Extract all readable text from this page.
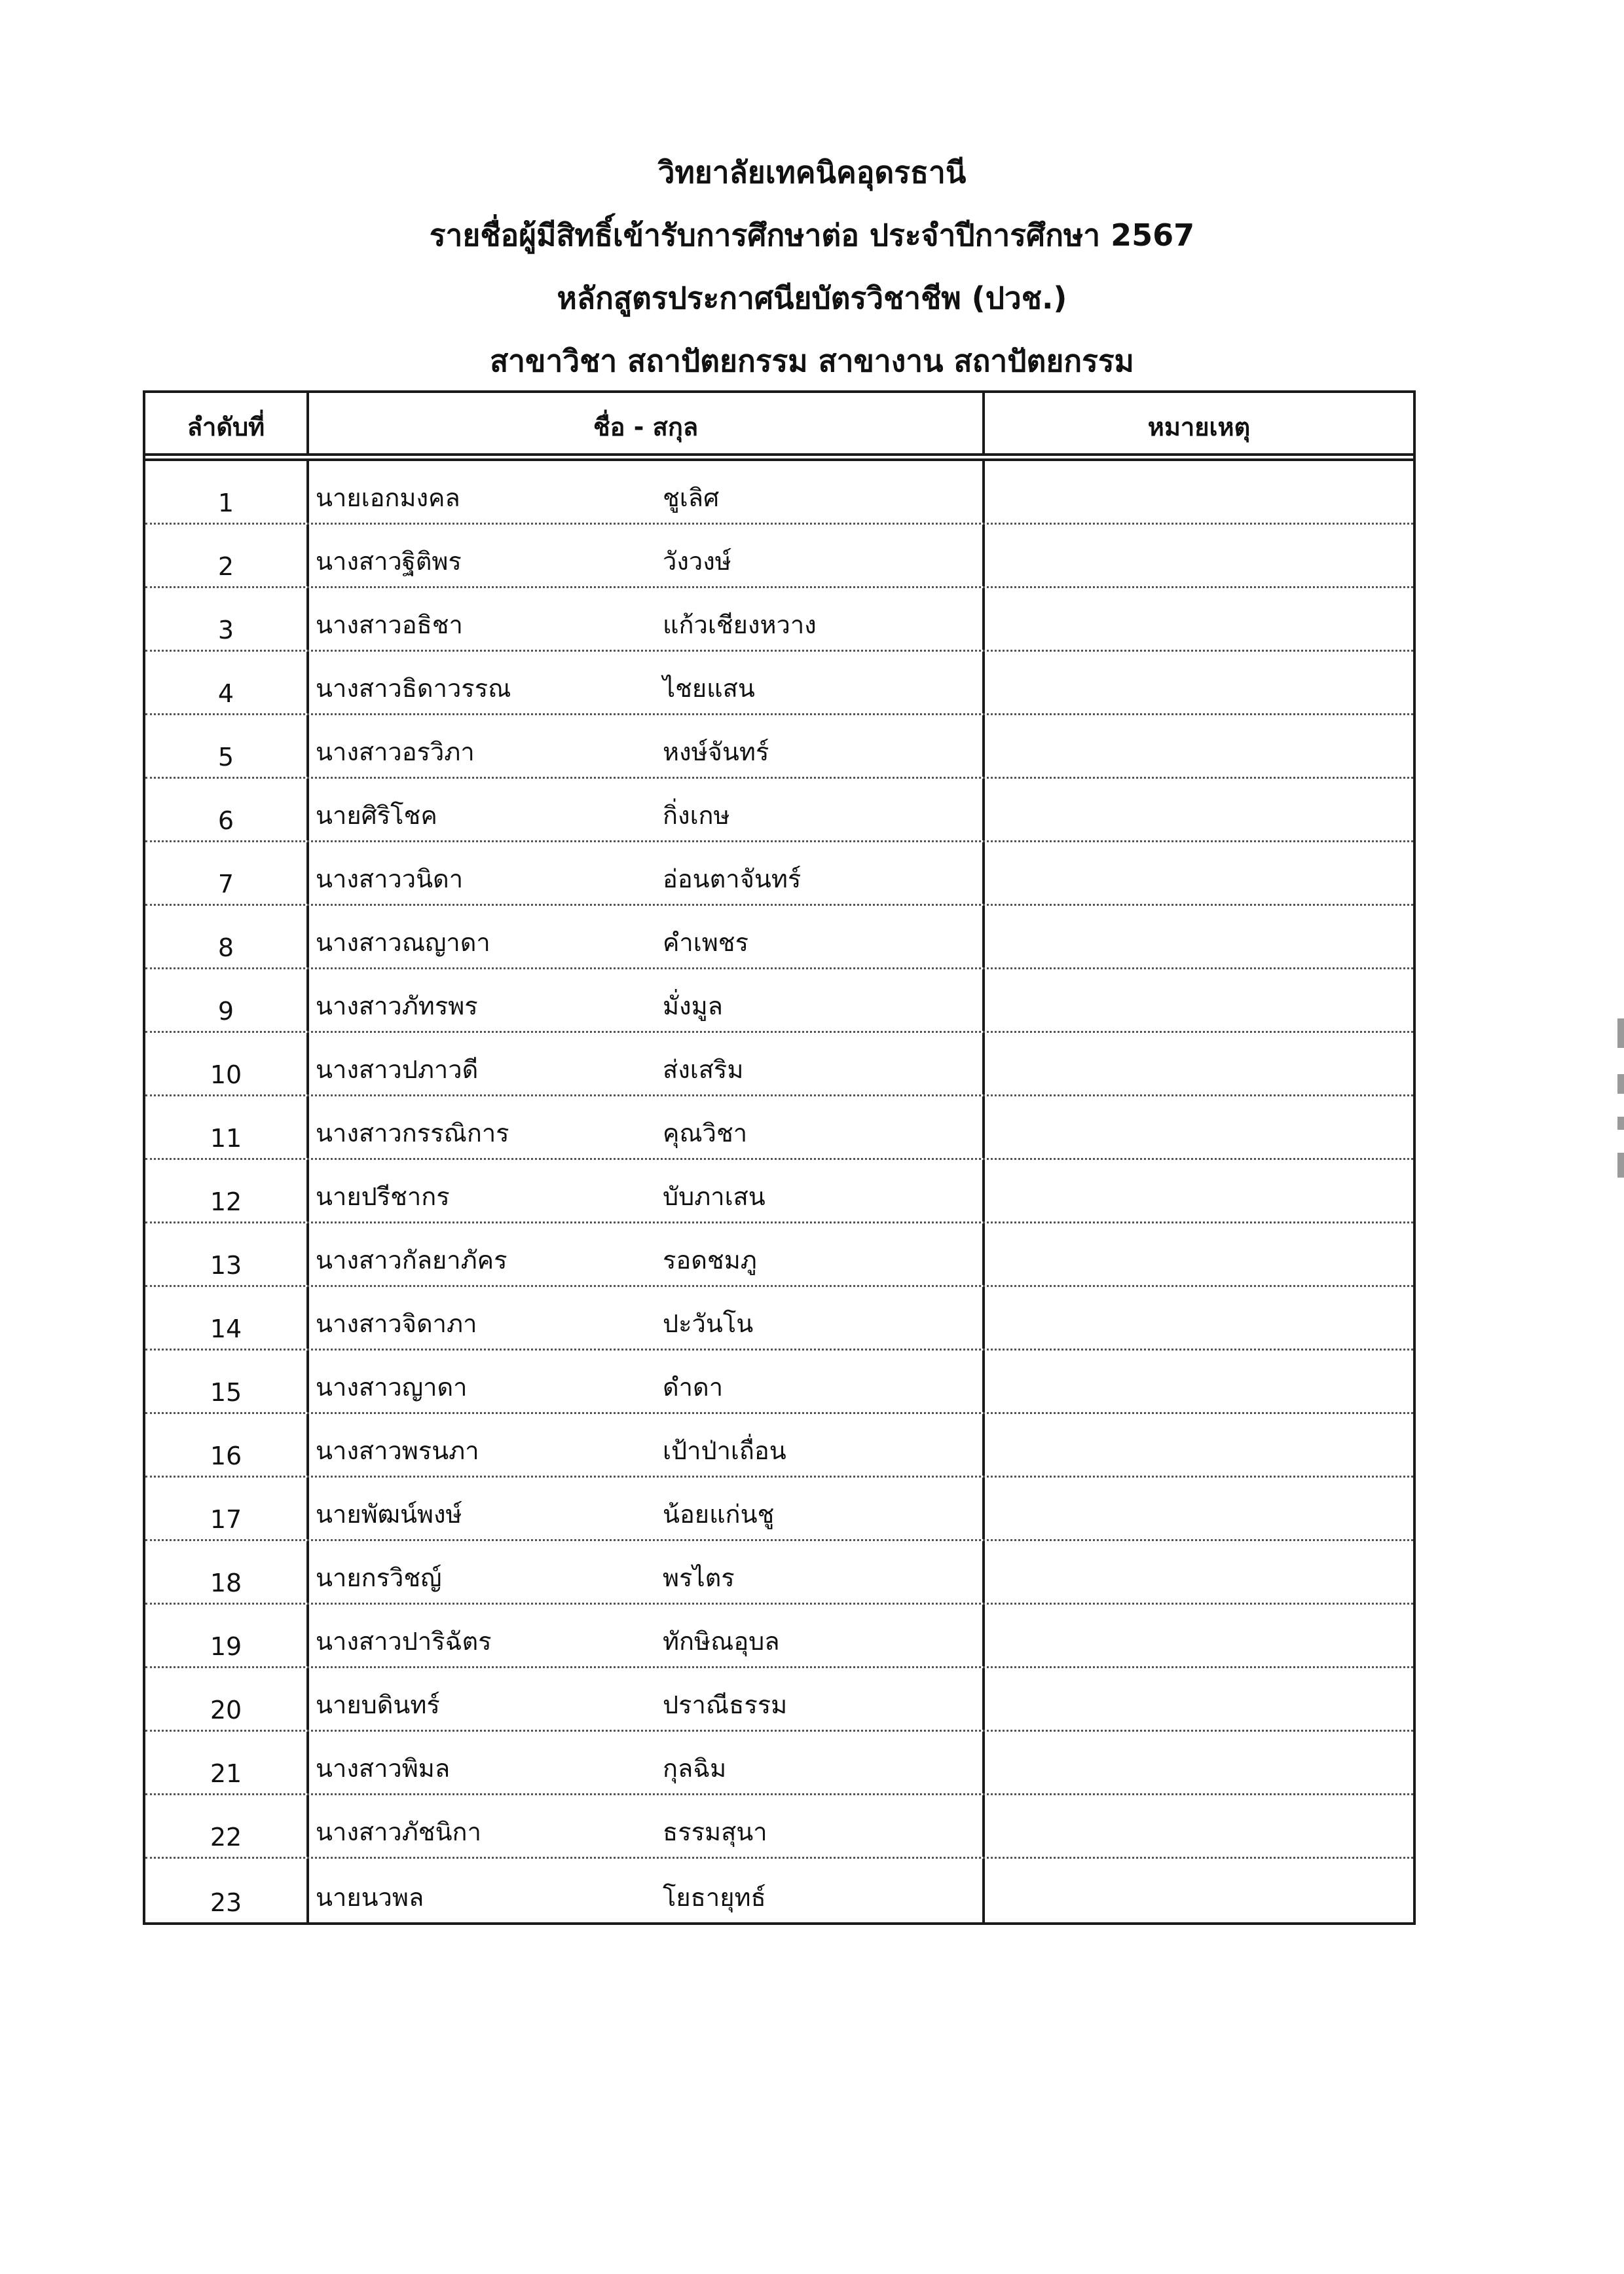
วิทยาลัยเทคนิคอุดรธานี
รายชื่อผู้มีสิทธิ์เข้ารับการศึกษาต่อ ประจำปีการศึกษา 2567
หลักสูตรประกาศนียบัตรวิชาชีพ (ปวช.)
สาขาวิชา สถาปัตยกรรม สาขางาน สถาปัตยกรรม
ลำดับที่	ชื่อ - สกุล	หมายเหตุ
1	นายเอกมงคล	ชูเลิศ
2	นางสาวฐิติพร	วังวงษ์
3	นางสาวอธิชา	แก้วเชียงหวาง
4	นางสาวธิดาวรรณ	ไชยแสน
5	นางสาวอรวิภา	หงษ์จันทร์
6	นายศิริโชค	กิ่งเกษ
7	นางสาววนิดา	อ่อนตาจันทร์
8	นางสาวณญาดา	คำเพชร
9	นางสาวภัทรพร	มั่งมูล
10	นางสาวปภาวดี	ส่งเสริม
11	นางสาวกรรณิการ	คุณวิชา
12	นายปรีชากร	บับภาเสน
13	นางสาวกัลยาภัคร	รอดชมภู
14	นางสาวจิดาภา	ปะวันโน
15	นางสาวญาดา	ดำดา
16	นางสาวพรนภา	เป้าป่าเถื่อน
17	นายพัฒน์พงษ์	น้อยแก่นชู
18	นายกรวิชญ์	พรไตร
19	นางสาวปาริฉัตร	ทักษิณอุบล
20	นายบดินทร์	ปราณีธรรม
21	นางสาวพิมล	กุลฉิม
22	นางสาวภัชนิกา	ธรรมสุนา
23	นายนวพล	โยธายุทธ์
